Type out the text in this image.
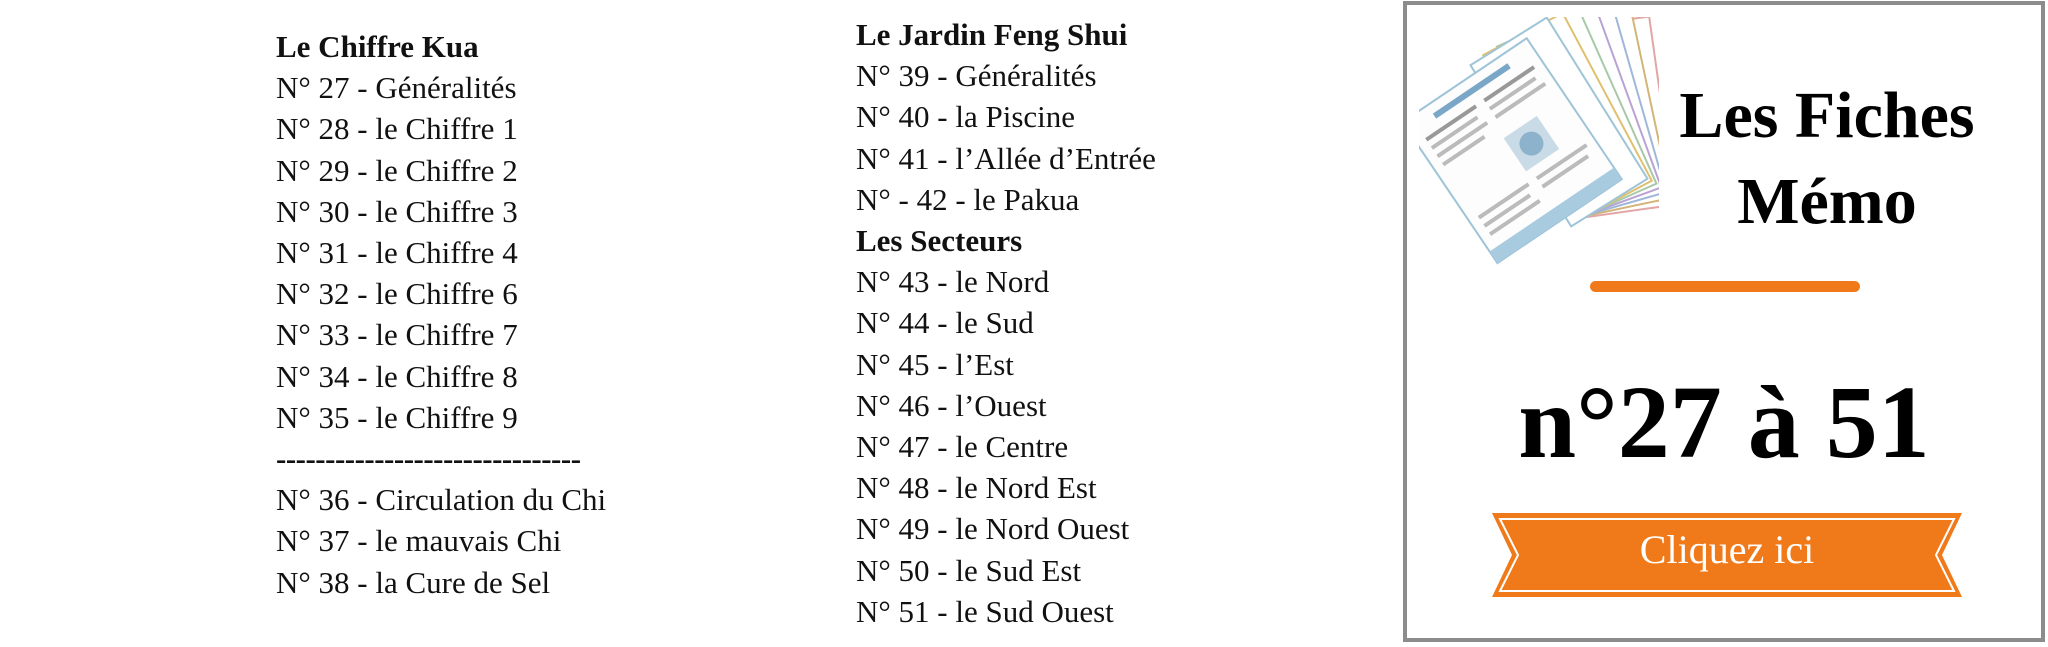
Le Chiffre Kua
N° 27 - Généralités
N° 28 - le Chiffre 1
N° 29 - le Chiffre 2
N° 30 - le Chiffre 3
N° 31 - le Chiffre 4
N° 32 - le Chiffre 6
N° 33 - le Chiffre 7
N° 34 - le Chiffre 8
N° 35 - le Chiffre 9
-------------------------------
N° 36 - Circulation du Chi
N° 37 - le mauvais Chi
N° 38 - la Cure de Sel
Le Jardin Feng Shui
N° 39 - Généralités
N° 40 - la Piscine
N° 41 - l’Allée d’Entrée
N° - 42 - le Pakua
Les Secteurs
N° 43 - le Nord
N° 44 - le Sud
N° 45 - l’Est
N° 46 - l’Ouest
N° 47 - le Centre
N° 48 - le Nord Est
N° 49 - le Nord Ouest
N° 50 - le Sud Est
N° 51 - le Sud Ouest
Les Fiches
Mémo
n°27 à 51
Cliquez ici
